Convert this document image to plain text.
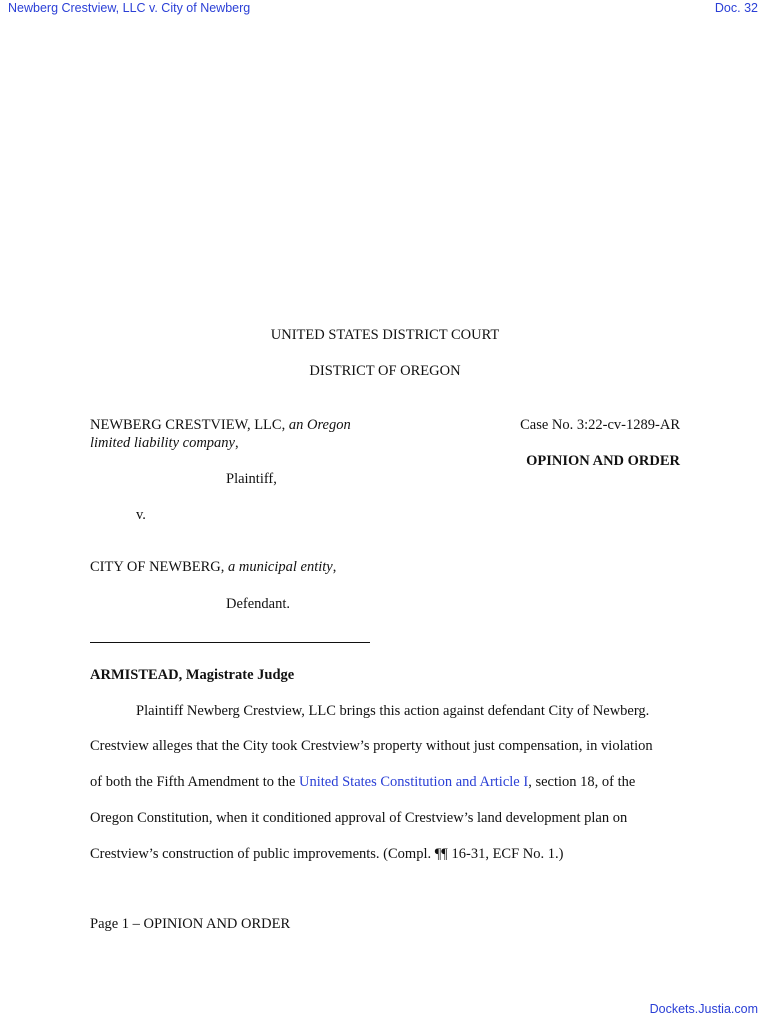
Newberg Crestview, LLC v. City of Newberg	Doc. 32
UNITED STATES DISTRICT COURT
DISTRICT OF OREGON
NEWBERG CRESTVIEW, LLC, an Oregon
limited liability company,
Plaintiff,
v.
CITY OF NEWBERG, a municipal entity,
Defendant.
Case No. 3:22-cv-1289-AR
OPINION AND ORDER
ARMISTEAD, Magistrate Judge
Plaintiff Newberg Crestview, LLC brings this action against defendant City of Newberg.
Crestview alleges that the City took Crestview’s property without just compensation, in violation
of both the Fifth Amendment to the United States Constitution and Article I, section 18, of the
Oregon Constitution, when it conditioned approval of Crestview’s land development plan on
Crestview’s construction of public improvements. (Compl. ¶¶ 16-31, ECF No. 1.)
Page 1 – OPINION AND ORDER
Dockets.Justia.com
